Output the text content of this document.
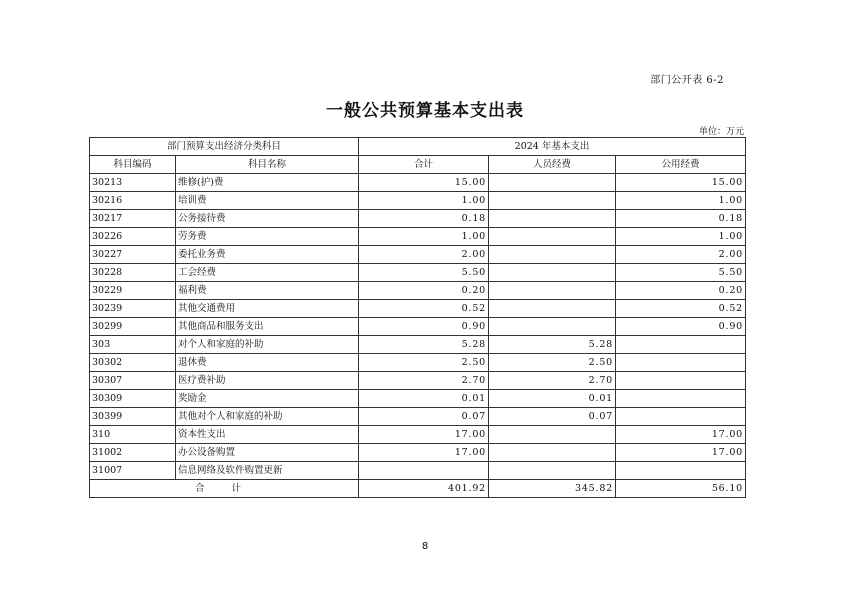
部门公开表 6-2
一般公共预算基本支出表
单位：万元
部门预算支出经济分类科目		2024 年基本支出		
科目编码	科目名称	合计	人员经费	公用经费
30213	维修(护)费	15.00		15.00
30216	培训费	1.00		1.00
30217	公务接待费	0.18		0.18
30226	劳务费	1.00		1.00
30227	委托业务费	2.00		2.00
30228	工会经费	5.50		5.50
30229	福利费	0.20		0.20
30239	其他交通费用	0.52		0.52
30299	其他商品和服务支出	0.90		0.90
303	对个人和家庭的补助	5.28	5.28	
30302	退休费	2.50	2.50	
30307	医疗费补助	2.70	2.70	
30309	奖励金	0.01	0.01	
30399	其他对个人和家庭的补助	0.07	0.07	
310	资本性支出	17.00		17.00
31002	办公设备购置	17.00		17.00
31007	信息网络及软件购置更新			
合 计		401.92	345.82	56.10
8
